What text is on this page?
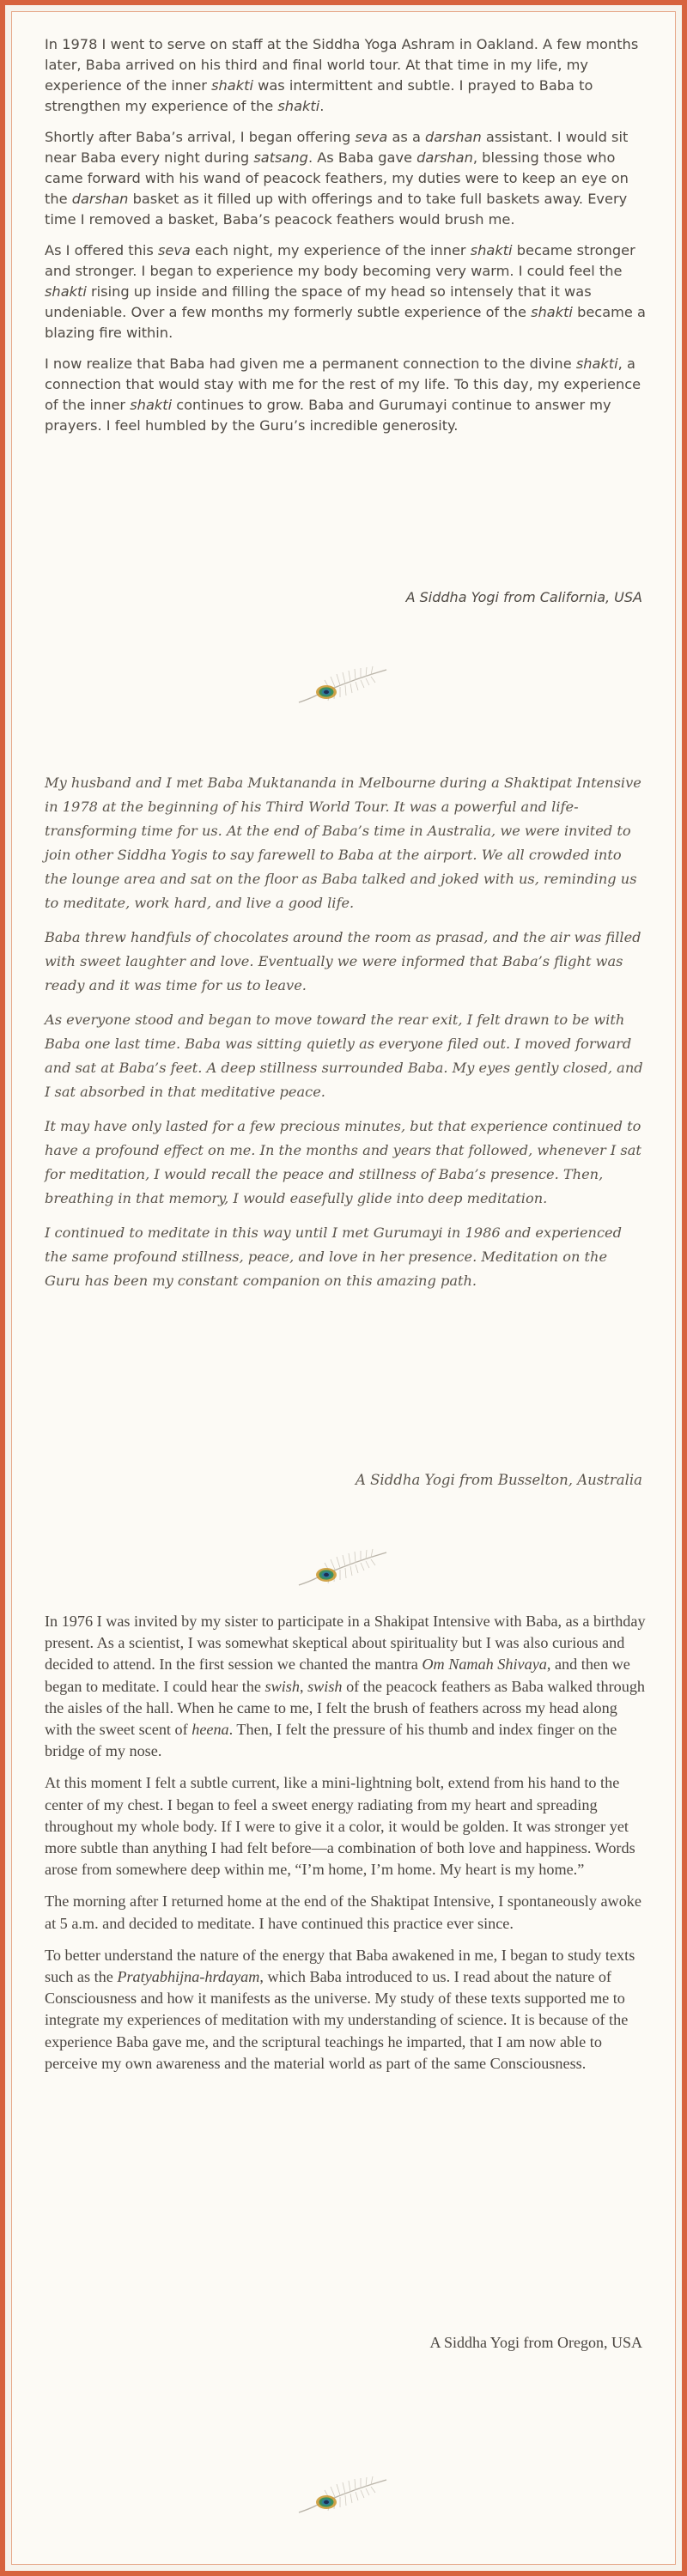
In 1978 I went to serve on staff at the Siddha Yoga Ashram in Oakland. A few months later, Baba arrived on his third and final world tour. At that time in my life, my experience of the inner shakti was intermittent and subtle. I prayed to Baba to strengthen my experience of the shakti.

Shortly after Baba’s arrival, I began offering seva as a darshan assistant. I would sit near Baba every night during satsang. As Baba gave darshan, blessing those who came forward with his wand of peacock feathers, my duties were to keep an eye on the darshan basket as it filled up with offerings and to take full baskets away. Every time I removed a basket, Baba’s peacock feathers would brush me.

As I offered this seva each night, my experience of the inner shakti became stronger and stronger. I began to experience my body becoming very warm. I could feel the shakti rising up inside and filling the space of my head so intensely that it was undeniable. Over a few months my formerly subtle experience of the shakti became a blazing fire within.

I now realize that Baba had given me a permanent connection to the divine shakti, a connection that would stay with me for the rest of my life. To this day, my experience of the inner shakti continues to grow. Baba and Gurumayi continue to answer my prayers. I feel humbled by the Guru’s incredible generosity.

A Siddha Yogi from California, USA

My husband and I met Baba Muktananda in Melbourne during a Shaktipat Intensive in 1978 at the beginning of his Third World Tour. It was a powerful and life-transforming time for us. At the end of Baba’s time in Australia, we were invited to join other Siddha Yogis to say farewell to Baba at the airport. We all crowded into the lounge area and sat on the floor as Baba talked and joked with us, reminding us to meditate, work hard, and live a good life.

Baba threw handfuls of chocolates around the room as prasad, and the air was filled with sweet laughter and love. Eventually we were informed that Baba’s flight was ready and it was time for us to leave.

As everyone stood and began to move toward the rear exit, I felt drawn to be with Baba one last time. Baba was sitting quietly as everyone filed out. I moved forward and sat at Baba’s feet. A deep stillness surrounded Baba. My eyes gently closed, and I sat absorbed in that meditative peace.

It may have only lasted for a few precious minutes, but that experience continued to have a profound effect on me. In the months and years that followed, whenever I sat for meditation, I would recall the peace and stillness of Baba’s presence. Then, breathing in that memory, I would easefully glide into deep meditation.

I continued to meditate in this way until I met Gurumayi in 1986 and experienced the same profound stillness, peace, and love in her presence. Meditation on the Guru has been my constant companion on this amazing path.

A Siddha Yogi from Busselton, Australia

In 1976 I was invited by my sister to participate in a Shakipat Intensive with Baba, as a birthday present. As a scientist, I was somewhat skeptical about spirituality but I was also curious and decided to attend. In the first session we chanted the mantra Om Namah Shivaya, and then we began to meditate. I could hear the swish, swish of the peacock feathers as Baba walked through the aisles of the hall. When he came to me, I felt the brush of feathers across my head along with the sweet scent of heena. Then, I felt the pressure of his thumb and index finger on the bridge of my nose.

At this moment I felt a subtle current, like a mini-lightning bolt, extend from his hand to the center of my chest. I began to feel a sweet energy radiating from my heart and spreading throughout my whole body. If I were to give it a color, it would be golden. It was stronger yet more subtle than anything I had felt before—a combination of both love and happiness. Words arose from somewhere deep within me, “I’m home, I’m home. My heart is my home.”

The morning after I returned home at the end of the Shaktipat Intensive, I spontaneously awoke at 5 a.m. and decided to meditate. I have continued this practice ever since.

To better understand the nature of the energy that Baba awakened in me, I began to study texts such as the Pratyabhijna-hrdayam, which Baba introduced to us. I read about the nature of Consciousness and how it manifests as the universe. My study of these texts supported me to integrate my experiences of meditation with my understanding of science. It is because of the experience Baba gave me, and the scriptural teachings he imparted, that I am now able to perceive my own awareness and the material world as part of the same Consciousness.

A Siddha Yogi from Oregon, USA
